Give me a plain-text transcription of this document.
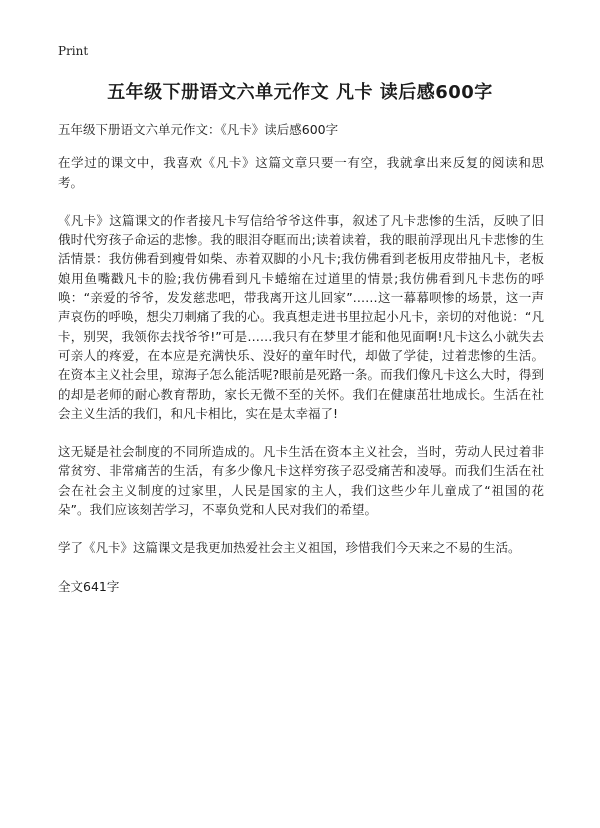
Print
五年级下册语文六单元作文 凡卡 读后感600字

五年级下册语文六单元作文：《凡卡》读后感600字

在学过的课文中，我喜欢《凡卡》这篇文章只要一有空，我就拿出来反复的阅读和思考。

《凡卡》这篇课文的作者接凡卡写信给爷爷这件事，叙述了凡卡悲惨的生活，反映了旧俄时代穷孩子命运的悲惨。我的眼泪夺眶而出;读着读着，我的眼前浮现出凡卡悲惨的生活情景：我仿佛看到瘦骨如柴、赤着双脚的小凡卡;我仿佛看到老板用皮带抽凡卡，老板娘用鱼嘴戳凡卡的脸;我仿佛看到凡卡蜷缩在过道里的情景;我仿佛看到凡卡悲伤的呼唤：“亲爱的爷爷，发发慈悲吧，带我离开这儿回家”……这一幕幕呗惨的场景，这一声声哀伤的呼唤，想尖刀刺痛了我的心。我真想走进书里拉起小凡卡，亲切的对他说：“凡卡，别哭，我领你去找爷爷!”可是……我只有在梦里才能和他见面啊!凡卡这么小就失去可亲人的疼爱，在本应是充满快乐、没好的童年时代，却做了学徒，过着悲惨的生活。在资本主义社会里，琼海子怎么能活呢?眼前是死路一条。而我们像凡卡这么大时，得到的却是老师的耐心教育帮助，家长无微不至的关怀。我们在健康茁壮地成长。生活在社会主义生活的我们，和凡卡相比，实在是太幸福了!

这无疑是社会制度的不同所造成的。凡卡生活在资本主义社会，当时，劳动人民过着非常贫穷、非常痛苦的生活，有多少像凡卡这样穷孩子忍受痛苦和凌辱。而我们生活在社会在社会主义制度的过家里，人民是国家的主人，我们这些少年儿童成了“祖国的花朵”。我们应该刻苦学习，不辜负党和人民对我们的希望。

学了《凡卡》这篇课文是我更加热爱社会主义祖国，珍惜我们今天来之不易的生活。

全文641字
